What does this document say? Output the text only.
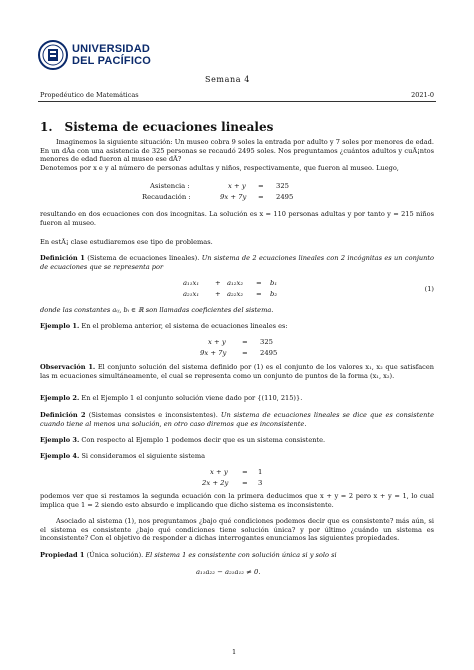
UNIVERSIDAD
DEL PACÍFICO
Semana 4
Propedéutico de Matemáticas	2021-0
1. Sistema de ecuaciones lineales
Imaginemos la siguiente situación: Un museo cobra 9 soles la entrada por adulto y 7 soles por menores de edad. En un dÃa con una asistencia de 325 personas se recaudó 2495 soles. Nos preguntamos ¿cuántos adultos y cuÃ¡ntos menores de edad fueron al museo ese dÃ?
Denotemos por x e y al número de personas adultas y niños, respectivamente, que fueron al museo. Luego,
Asistencia :	x + y = 325
Recaudación :	9x + 7y = 2495
resultando en dos ecuaciones con dos incognitas. La solución es x = 110 personas adultas y por tanto y = 215 niños fueron al museo.
En estÃ¡ clase estudiaremos ese tipo de problemas.
Definición 1 (Sistema de ecuaciones lineales). Un sistema de 2 ecuaciones lineales con 2 incógnitas es un conjunto de ecuaciones que se representa por
a₁₁x₁ + a₁₂x₂ = b₁
a₂₁x₁ + a₂₂x₂ = b₂
(1)
donde las constantes aᵢⱼ, bᵢ ∈ ℝ son llamadas coeficientes del sistema.
Ejemplo 1. En el problema anterior, el sistema de ecuaciones lineales es:
x + y = 325
9x + 7y = 2495
Observación 1. El conjunto solución del sistema definido por (1) es el conjunto de los valores x₁, x₂ que satisfacen las m ecuaciones simultáneamente, el cual se representa como un conjunto de puntos de la forma (x₁, x₂).
Ejemplo 2. En el Ejemplo 1 el conjunto solución viene dado por {(110, 215)}.
Definición 2 (Sistemas consistes e inconsistentes). Un sistema de ecuaciones lineales se dice que es consistente cuando tiene al menos una solución, en otro caso diremos que es inconsistente.
Ejemplo 3. Con respecto al Ejemplo 1 podemos decir que es un sistema consistente.
Ejemplo 4. Si consideramos el siguiente sistema
x + y = 1
2x + 2y = 3
podemos ver que si restamos la segunda ecuación con la primera deducimos que x + y = 2 pero x + y = 1, lo cual implica que 1 = 2 siendo esto absurdo e implicando que dicho sistema es inconsistente.
Asociado al sistema (1), nos preguntamos ¿bajo qué condiciones podemos decir que es consistente? más aún, si el sistema es consistente ¿bajo qué condiciones tiene solución única? y por último ¿cuándo un sistema es inconsistente? Con el objetivo de responder a dichas interrogantes enunciamos las siguientes propiedades.
Propiedad 1 (Única solución). El sistema 1 es consistente con solución única si y solo si
a₁₁a₂₂ − a₂₁a₁₂ ≠ 0.
1
